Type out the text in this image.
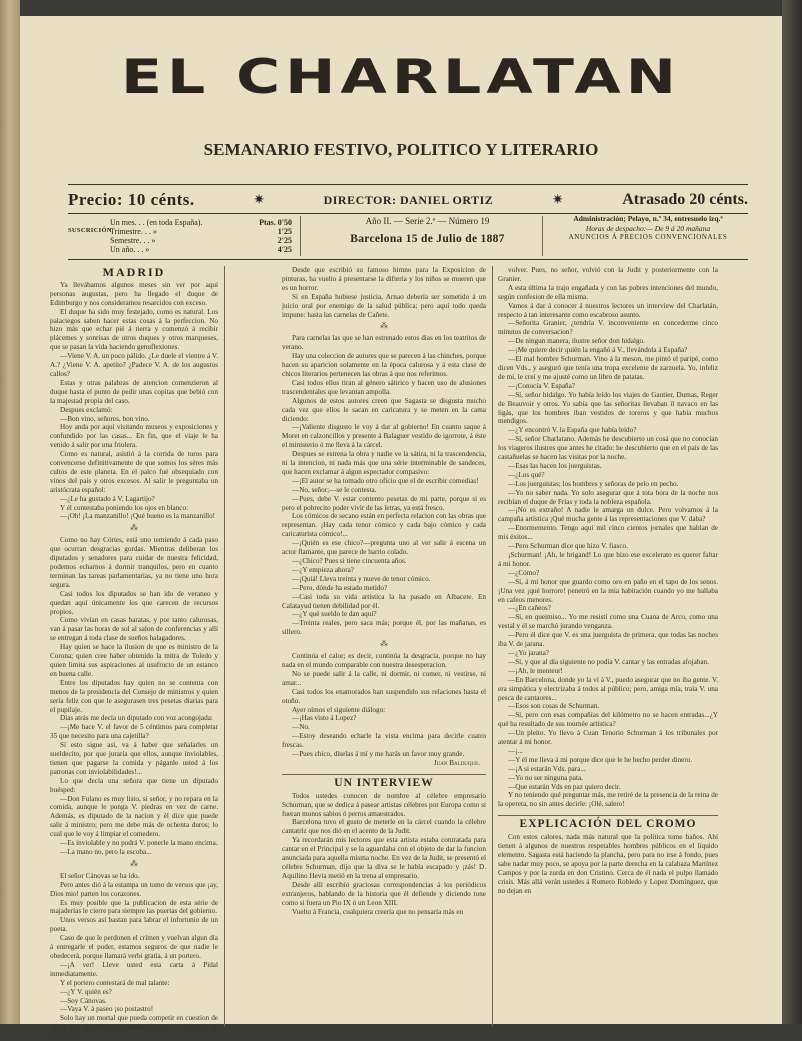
EL CHARLATAN
SEMANARIO FESTIVO, POLITICO Y LITERARIO
Precio: 10 cénts.	✷	DIRECTOR: DANIEL ORTIZ	✷	Atrasado 20 cénts.
SUSCRICIÓN
Un mes. . . (en toda España).	Ptas. 0'50
Trimestre. . . »	1'25
Semestre. . . »	2'25
Un año. . . »	4'25
Año II. — Serie 2.ª — Número 19
Barcelona 15 de Julio de 1887
Administración; Pelayo, n.º 34, entresuelo izq.ª
Horas de despacho:— De 9 á 20 mañana
ANUNCIOS Á PRECIOS CONVENCIONALES
MADRID

Ya llevábamos algunos meses sin ver por aquí personas augustas, pero ha llegado el duque de Edimburgo y nos consideramos resarcidos con exceso.

El duque ha sido muy festejado, como es natural. Los palaciegos saben hacer estas cosas á la perfeccion. No hizo más que echar pié á tierra y comenzó á recibir plácemes y sonrisas de otros duques y otros marqueses, que se pasan la vida haciendo genuflexiones.

—Viene V. A. un poco pálido. ¿Le duele el vientre á V. A.? ¿Viene V. A. apetito? ¿Padece V. A. de los augustos callos?

Estas y otras palabras de atencion comenzieron al duque hasta el punto de pedir unas copitas que bebió con la majestad propia del caso.

Despues exclamó:

—Bon vino, señores, bon vino.

Hoy anda por aquí visitando museos y exposiciones y confundido por las casas... En fin, que el viaje le ha venido á salir por una friolera.

Como es natural, asistió á la corrida de toros para convencerse definitivamente de que somos los séres más cultos de este planeta. En el palco fué obsequiado con vinos del país y otros excesos. Al salir le preguntaba un aristócrata español:

—¿Le ha gustado á V. Lagartijo?

Y él contestaba poniendo los ojos en blanco:

—¡Oh! ¡La manzanillo! ¡Qué bueno es la manzanillo!

⁂

Como no hay Córtes, está uno temiendo á cada paso que ocurran desgracias gordas. Mientras deliberan los diputados y senadores para cuidar de nuestra felicidad, podemos echarnos á dormir tranquilos, pero en cuanto terminan las tareas parlamentarias, ya no tiene uno hora segura.

Casi todos los diputados se han ido de veraneo y quedan aquí únicamente los que carecen de recursos propios.

Como vivían en casas baratas, y por tanto calurosas, van á pasar las horas de sol al salon de conferencias y allí se entregan á toda clase de sueños halagadores.

Hay quien se hace la ilusion de que es ministro de la Corona; quien cree haber obtenido la mitra de Toledo y quien limita sus aspiraciones al usufructo de un estanco en buena calle.

Entre los diputados hay quien no se contenta con menos de la presidencia del Consejo de ministros y quien sería feliz con que le asegurasen tres pesetas diarias para el pupilaje.

Días atrás me decía un diputado con voz acongojada:

—¡Me hace V. el favor de 5 céntimos para completar 35 que necesito para una cajetilla?

Sí esto sigue así, va á haber que señalarles un sueldecito, por que juraría que ellos, aunque inviolables, tienen que pagarse la comida y páganle usted á los patronas con inviolabilidades!...

Lo que decía una señora que tiene un diputado huésped:

—Don Fulano es muy listo, sí señor, y no repara en la comida, aunque le ponga V. piedras en vez de carne. Además, es diputado de la nacion y él dice que puede salir á ministro; pero me debe más de ochenta duros; lo cual que le voy á limpiar el comedero.

—Es inviolable y no podrá V. ponerle la mano encima.

—La mano no, pero la escoba...

⁂

El señor Cánovas se ha ido.

Pero antes dió á la estampa un tomo de versos que ¡ay, Dios mio! parten los corazones.

Es muy posible que la publicacion de esta série de majaderías le cierre para siempre las puertas del gobierno.

Unos versos así bastan para labrar el infortunio de un poeta.

Caso de que le perdonen el crímen y vuelvan algun día á entregarle el poder, estamos seguros de que nadie le obedecerá, porque llamará verbi gratia, á un portero.

—¡A ver! Lleve usted esta carta á Pidal inmediatamente.

Y el portero contestará de mal talante:

—¿Y V. quién es?

—Soy Cánovas.

—Vaya V. á paseo ¡so postastro!

Solo hay un mortal que pueda competir en cuestion de ripios con don Antonio: intitúlase Arnao, y es poeta de nacimiento.

Desde que escribió su famoso himno para la Exposicion de pinturas, ha vuelto á presentarse la difteria y los niños se mueren que es un horror.

Si en España hubiese justicia, Arnao debería ser sometido á un juicio oral por enemigo de la salud pública; pero aquí todo queda impune: hasta las carnelas de Cañete.

⁂

Para carnelas las que se han estrenado estos dias en los teatritos de verano.

Hay una coleccion de autores que se parecen á las chinches, porque hacen su aparicion solamente en la época calurosa y á esta clase de chicos literarios pertenecen las obras á que nos referimos.

Casi todos ellos tiran al género sátirico y hacen uso de alusiones trascendentales que levantan ampolla.

Algunos de estos autores creen que Sagasta se disgusta mucho cada vez que ellos le sacan en caricatura y se meten en la cama diciendo:

—¡Valiente disgusto le voy á dar al gobierno! En cuanto saque á Moret en calzoncillos y presente á Balaguer vestido de igorrote, á éste el ministerio ó me lleva á la cárcel.

Despues se estrena la obra y nadie ve la sátira, ni la trascendencia, ni la intencion, ni nada más que una série interminable de sandeces, que hacen exclamar á algun espectador compasivo:

—¡El autor se ha tomado otro oficio que el de escribir comedias!

—No, señor;—se le contesta.

—Pues, debe V. estar contento pesetas de mi parte, porque si es pero el pobrecito poder vivir de las letras, ya está fresco.

Los cómicos de secano están en perfecta relacion con las obras que representan. ¡Hay cada tenor cómico y cada bajo cómico y cada caricaturista cómico!...

—¡Quién es ese chico?—pregunta uno al ver salir á escena un actor flamante, que parece de barrio colado.

—¿Chico? Pues si tiene cincuenta años.

—¿Y empieza ahora?

—¡Quiá! Lleva treinta y nueve de tenor cómico.

—Pero, dónde ha estado metido?

—Casi toda su vida artística la ha pasado en Albacete. En Calatayud tienen debilidad por él.

—¿Y qué sueldo le dan aquí?

—Treinta reales, pero saca más; porque él, por las mañanas, es sillero.

⁂

Continúa el calor; es decir, continúa la desgracia, porque no hay nada en el mundo comparable con nuestra desesperacion.

No se puede salir á la calle, ni dormir, ni comer, ni vestirse, ni amar...

Casi todos los enamorados han suspendido sus relaciones hasta el otoño.

Ayer oímos el siguiente diálogo:

—¡Has visto á Lopez?

—No.

—Estoy deseando echarle la vista encima para decirle cuatro frescas.

—Pues chico, díselas á mí y me harás un favor muy grande.

Juan Balduque.
UN INTERVIEW

Todos ustedes conocen de nombre al célebre empresario Schurman, que se dedica á pasear artistas célebres por Europa como si fueran monos sabios ó perros amaestrados.

Barcelona tuvo el gusto de meterle en la cárcel cuando la célebre cantatriz que nos dió en el acento de la Judit.

Ya recordarán mis lectores que esta artista estaba contratada para cantar en el Principal y se la aguardaba con el objeto de dar la funcion anunciada para aquella misma noche. En vez de la Judit, se presentó el célebre Schurman, dijo que la diva se le había escapado y ¡zás! D. Aquilino Hevia metió en la trena al empresario.

Desde allí escribió graciosas correspondencias á los periódicos extranjeros, hablando de la historia que él defiende y diciendo tone como si fuera un Pio IX ó un Leon XIII.

Vuelto á Francia, cualquiera creería que no pensaría más en

volver. Pues, no señor, volvió con la Judit y posteriormente con la Granier.

A esta última la trajo engañada y con las pobres intenciones del mundo, según confesion de ella misma.

Vamos á dar á conocer á nuestros lectores un interview del Charlatán, respecto á tan interesante como escabroso asunto.

—Señorita Granier, ¿tendría V. inconveniente en concederme cinco minutos de conversacion?

—De ningun manera, ilustre señor don hidalgo.

—¡Me quiere decir quién la engañó á V., llevándola á España?

—El mal hombre Schurman. Vino á la meson, me pintó el paripé, como dicen Vds., y aseguró que tenía una tropa excelente de zarzuela. Yo, infeliz de mí, le creí y me ajusté como un libro de patatas.

—¡Conocía V. España?

—Sí, señor hidalgo. Yo había leído los viajes de Gautier, Dumas, Reger de Beauvoir y otros. Yo sabía que las señoritas llevaban il navaco en las ligás, que los hombres iban vestidos de toreros y que había muchos mendigos.

—¿Y encontró V. la España que había leído?

—Sí, señor Charlatano. Además he descubierto un cosá que no conocían los viageros ilustres que antes he citado: he descubierto que en el país de las castañuelas se hacen las visitas por la noche.

—Esas las hacen los juerguistas.

—¿Los qué?

—Los juerguistas; los hombres y señoras de pelo en pecho.

—Yo no saber nada. Yo solo asegurar que á tota hora de la noche nos recibían el duque de Frías y toda la nobleza española.

—¡No es extraño! A nadie le amarga un dulce. Pero volvamos á la campaña artística ¡Qué mucha gente á las representaciones que V. daba?

—Enormemento. Tengo aquí mil cinco cientos jornales que hablan de mis éxitos...

—Pero Schurman dice que hizo V. fiasco.

¡Schurman! ¡Ah, le brigand! Lo que hizo ese excelerato es querer faltar á mi honor.

—¿Cómo?

—Sí, á mi honor que guardo como oro en paño en el tapo de los senos. ¡Una vez ¡qué horrore! penetró en la mia habitación cuando yo me hallaba en cafeos menores.

—¿En cañeos?

—Sí, en queimiso... Yo me resistí como una Cuana de Arco, como una vestal y él se marchó jurando venganza.

—Pero él dice que V. es una juerguista de primera, que todas las noches iba V. de jarana.

—¿Yo jarana?

—Sí, y que al día siguiente no podía V. cantar y las entradas afojaban.

—¡Ah, le menteur!

—En Barcelona, donde yo la ví á V., puedo asegurar que no iba gente. V. era simpática y electrizaba á todos al público; pero, amiga mía, traía V. una pesca de cantaores...

—Esos son cosas de Schurman.

—Sí, pero con esas compañías del kilómetro no se hacen entradas...¿Y qué ha resultado de sus tournée artística?

—Un pleito. Yo llevo á Cuan Tenorio Schurman á los tribunales por atentar á mi honor.

—¡...

—Y él me lleva á mi porque dice que le he hecho perder dinero.

—¡A si estarán Vds. para...

—Yo no ser ninguna pata.

—Que estarán Vds en paz quiero decir.

Y no teniendo qué preguntar más, me retiré de la presencia de la reina de la opereta, no sin antes decirle: ¡Olé, salero!

EXPLICACIÓN DEL CROMO

Con estos calores, nada más natural que la política tome baños. Ahí tienen á algunos de nuestros respetables hombres públicos en el líquido elemento. Sagasta está haciendo la plancha, pero para no irse á fondo, pues sabe nadar muy poco, se apoya por la parte derecha en la calabaza Martínez Campos y por la zurda en don Cristino. Cerca de él nada el pulpo llamado crisis. Más allá verán ustedes á Romero Robledo y Lopez Domínguez, que no dejan en
